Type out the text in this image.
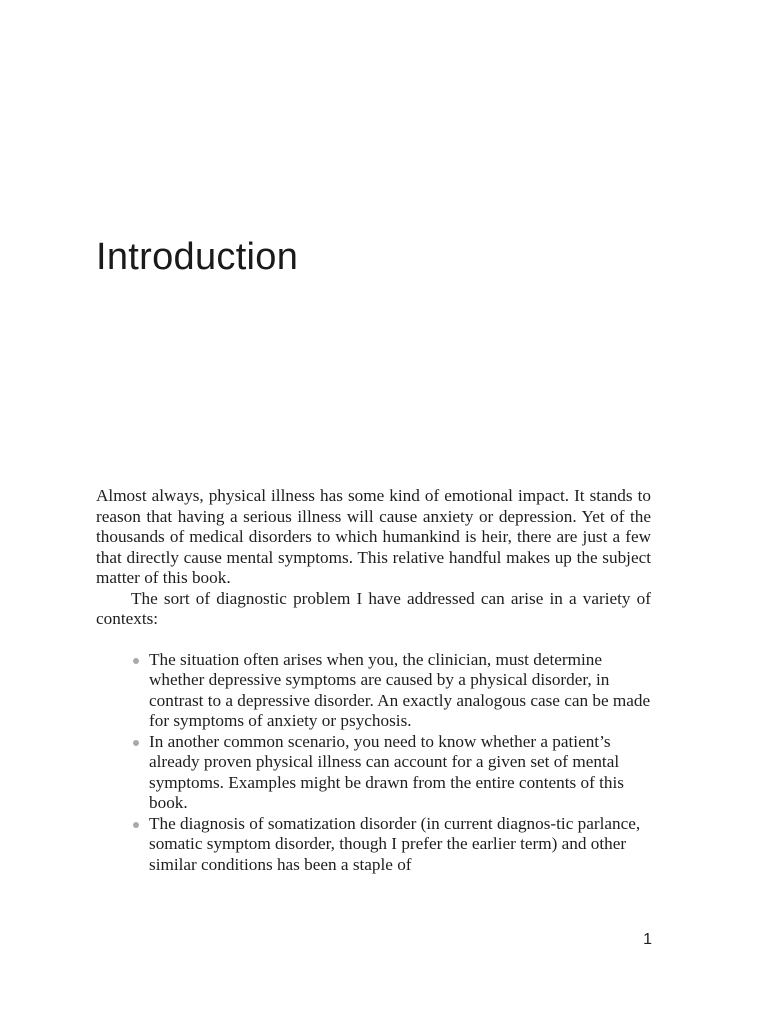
Introduction

Almost always, physical illness has some kind of emotional impact. It stands to reason that having a serious illness will cause anxiety or depression. Yet of the thousands of medical disorders to which humankind is heir, there are just a few that directly cause mental symptoms. This relative handful makes up the subject matter of this book.

The sort of diagnostic problem I have addressed can arise in a variety of contexts:

The situation often arises when you, the clinician, must determine whether depressive symptoms are caused by a physical disorder, in contrast to a depressive disorder. An exactly analogous case can be made for symptoms of anxiety or psychosis.
In another common scenario, you need to know whether a patient’s already proven physical illness can account for a given set of mental symptoms. Examples might be drawn from the entire contents of this book.
The diagnosis of somatization disorder (in current diagnos-tic parlance, somatic symptom disorder, though I prefer the earlier term) and other similar conditions has been a staple of
1
